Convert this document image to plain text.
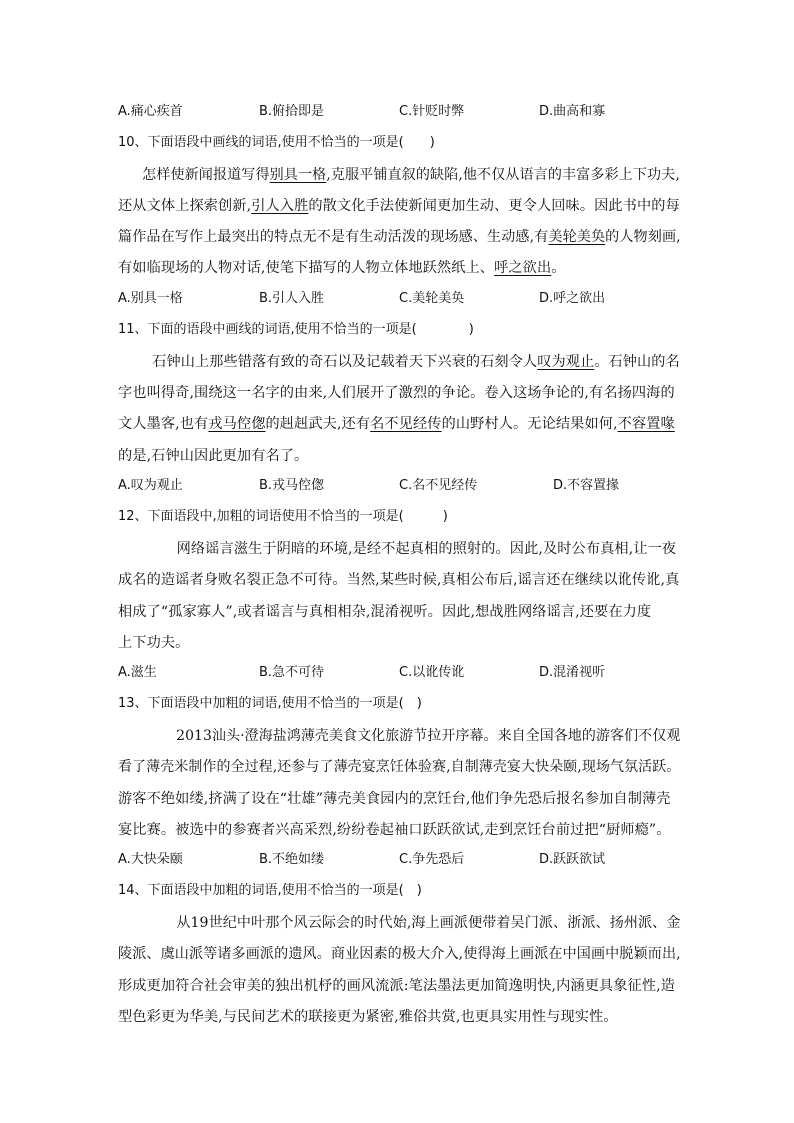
A.痛心疾首	B.俯拾即是	C.针贬时弊	D.曲高和寡
10、下面语段中画线的词语,使用不恰当的一项是(　　)
　怎样使新闻报道写得别具一格,克服平铺直叙的缺陷,他不仅从语言的丰富多彩上下功夫,
还从文体上探索创新,引人入胜的散文化手法使新闻更加生动、更令人回味。因此书中的每
篇作品在写作上最突出的特点无不是有生动活泼的现场感、生动感,有美轮美奂的人物刻画,
有如临现场的人物对话,使笔下描写的人物立体地跃然纸上、呼之欲出。
A.别具一格	B.引人入胜	C.美轮美奂	D.呼之欲出
11、下面的语段中画线的词语,使用不恰当的一项是(　　　　)
　石钟山上那些错落有致的奇石以及记载着天下兴衰的石刻令人叹为观止。石钟山的名
字也叫得奇,围绕这一名字的由来,人们展开了激烈的争论。卷入这场争论的,有名扬四海的
文人墨客,也有戎马倥偬的赳赳武夫,还有名不见经传的山野村人。无论结果如何,不容置喙
的是,石钟山因此更加有名了。
A.叹为观止	B.戎马倥偬	C.名不见经传	D.不容置掾
12、下面语段中,加粗的词语使用不恰当的一项是(　　　)
　　网络谣言滋生于阴暗的环境,是经不起真相的照射的。因此,及时公布真相,让一夜
成名的造谣者身败名裂正急不可待。当然,某些时候,真相公布后,谣言还在继续以讹传讹,真
相成了“孤家寡人”,或者谣言与真相相杂,混淆视听。因此,想战胜网络谣言,还要在力度
上下功夫。
A.滋生	B.急不可待	C.以讹传讹	D.混淆视听
13、下面语段中加粗的词语,使用不恰当的一项是(　)
　　2013汕头·澄海盐鸿薄壳美食文化旅游节拉开序幕。来自全国各地的游客们不仅观
看了薄壳米制作的全过程,还参与了薄壳宴烹饪体验赛,自制薄壳宴大快朵颐,现场气氛活跃。
游客不绝如缕,挤满了设在“壮雄”薄壳美食园内的烹饪台,他们争先恐后报名参加自制薄壳
宴比赛。被选中的参赛者兴高采烈,纷纷卷起袖口跃跃欲试,走到烹饪台前过把“厨师瘾”。
A.大快朵颐	B.不绝如缕	C.争先恐后	D.跃跃欲试
14、下面语段中加粗的词语,使用不恰当的一项是(　)
　　从19世纪中叶那个风云际会的时代始,海上画派便带着吴门派、浙派、扬州派、金
陵派、虞山派等诸多画派的遗风。商业因素的极大介入,使得海上画派在中国画中脱颖而出,
形成更加符合社会审美的独出机杼的画风流派:笔法墨法更加简逸明快,内涵更具象征性,造
型色彩更为华美,与民间艺术的联接更为紧密,雅俗共赏,也更具实用性与现实性。
